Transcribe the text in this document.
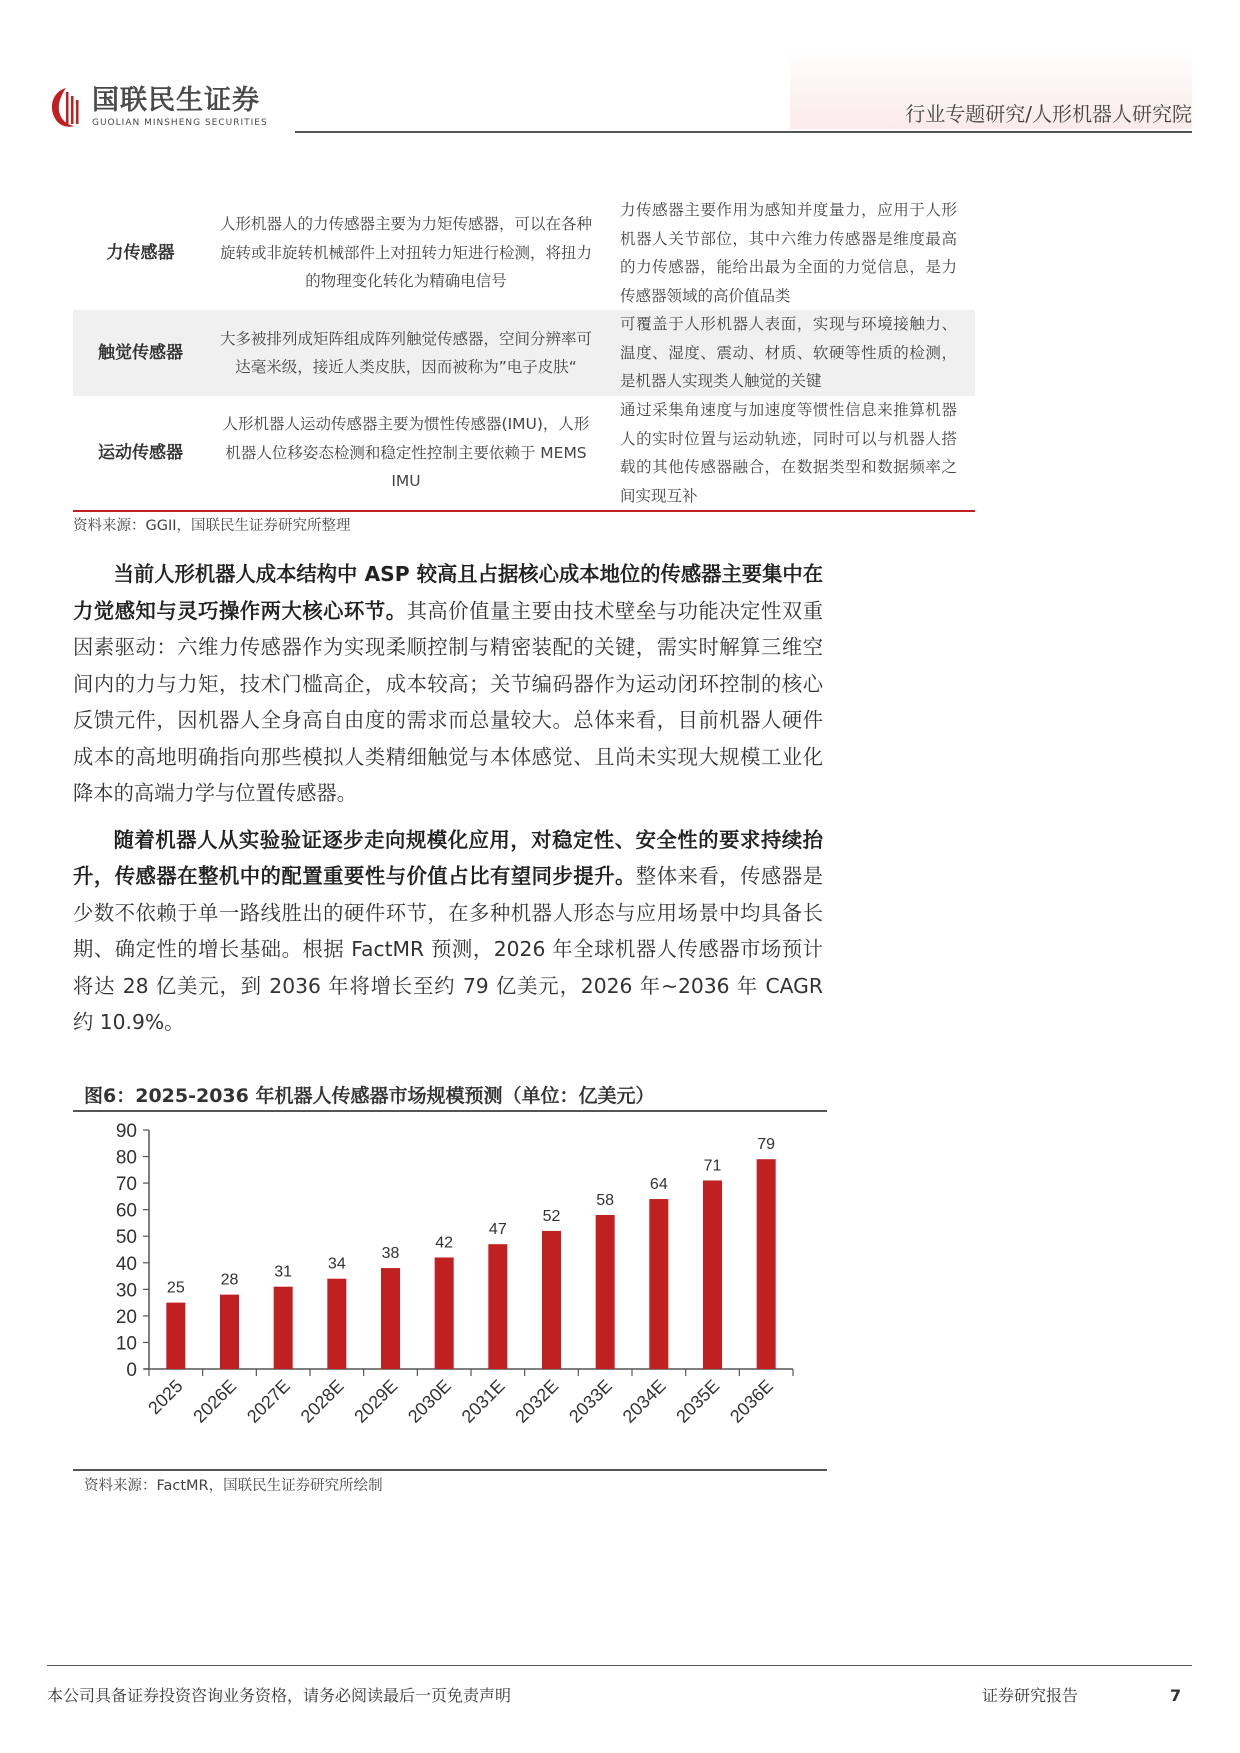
国联民生证券
GUOLIAN MINSHENG SECURITIES	行业专题研究/人形机器人研究院
力传感器	人形机器人的力传感器主要为力矩传感器，可以在各种旋转或非旋转机械部件上对扭转力矩进行检测，将扭力的物理变化转化为精确电信号	力传感器主要作用为感知并度量力，应用于人形机器人关节部位，其中六维力传感器是维度最高的力传感器，能给出最为全面的力觉信息，是力传感器领域的高价值品类
触觉传感器	大多被排列成矩阵组成阵列触觉传感器，空间分辨率可达毫米级，接近人类皮肤，因而被称为”电子皮肤“	可覆盖于人形机器人表面，实现与环境接触力、温度、湿度、震动、材质、软硬等性质的检测，是机器人实现类人触觉的关键
运动传感器	人形机器人运动传感器主要为惯性传感器(IMU)，人形机器人位移姿态检测和稳定性控制主要依赖于 MEMS IMU	通过采集角速度与加速度等惯性信息来推算机器人的实时位置与运动轨迹，同时可以与机器人搭载的其他传感器融合，在数据类型和数据频率之间实现互补
资料来源：GGII，国联民生证券研究所整理

当前人形机器人成本结构中 ASP 较高且占据核心成本地位的传感器主要集中在力觉感知与灵巧操作两大核心环节。其高价值量主要由技术壁垒与功能决定性双重因素驱动：六维力传感器作为实现柔顺控制与精密装配的关键，需实时解算三维空间内的力与力矩，技术门槛高企，成本较高；关节编码器作为运动闭环控制的核心反馈元件，因机器人全身高自由度的需求而总量较大。总体来看，目前机器人硬件成本的高地明确指向那些模拟人类精细触觉与本体感觉、且尚未实现大规模工业化降本的高端力学与位置传感器。

随着机器人从实验验证逐步走向规模化应用，对稳定性、安全性的要求持续抬升，传感器在整机中的配置重要性与价值占比有望同步提升。整体来看，传感器是少数不依赖于单一路线胜出的硬件环节，在多种机器人形态与应用场景中均具备长期、确定性的增长基础。根据 FactMR 预测，2026 年全球机器人传感器市场预计将达 28 亿美元，到 2036 年将增长至约 79 亿美元，2026 年~2036 年 CAGR 约 10.9%。

图6：2025-2036 年机器人传感器市场规模预测（单位：亿美元）
0
10
20
30
40
50
60
70
80
90
25
2025
28
2026E
31
2027E
34
2028E
38
2029E
42
2030E
47
2031E
52
2032E
58
2033E
64
2034E
71
2035E
79
2036E
资料来源：FactMR，国联民生证券研究所绘制
本公司具备证券投资咨询业务资格，请务必阅读最后一页免责声明	证券研究报告	7
